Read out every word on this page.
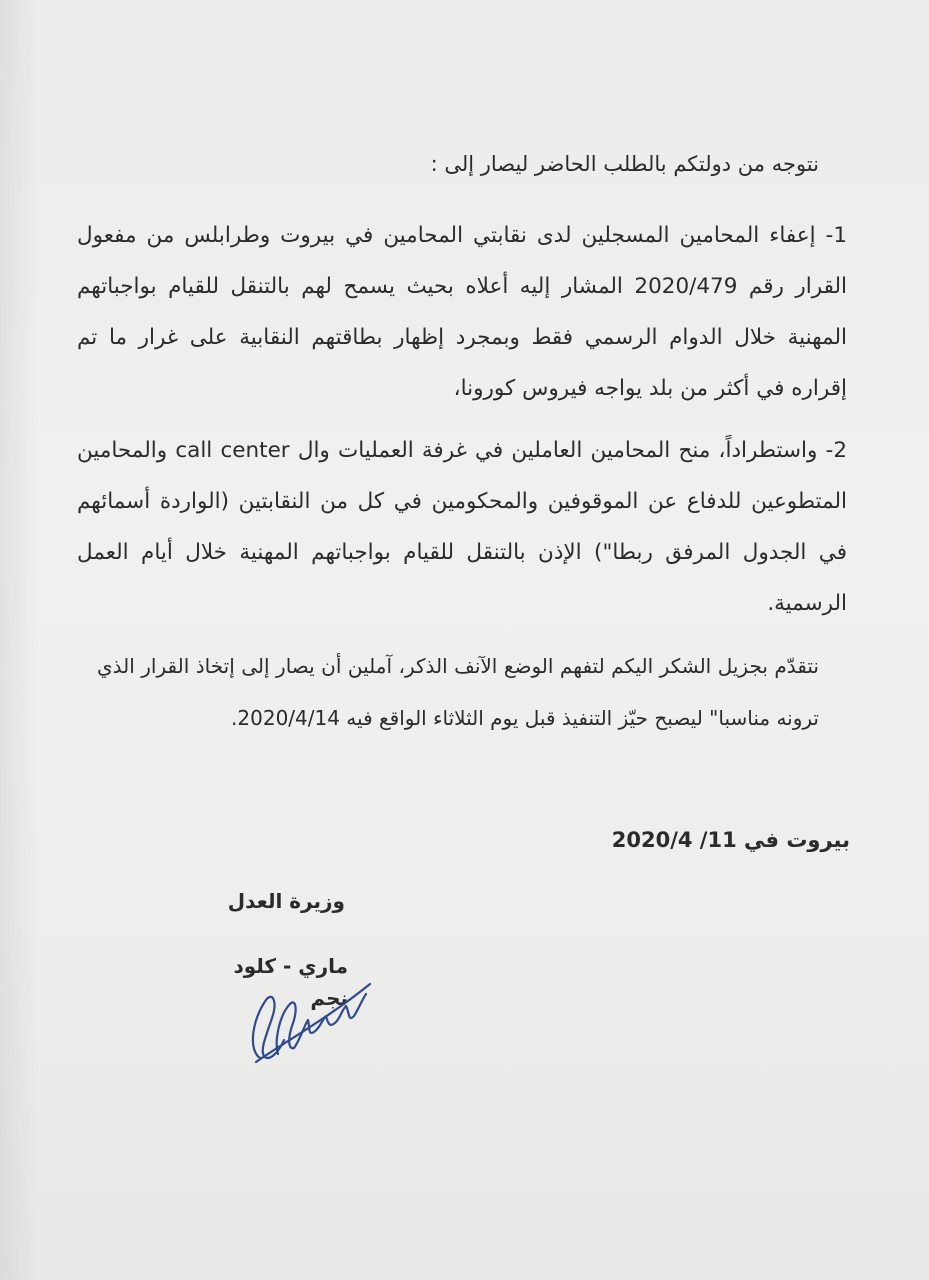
نتوجه من دولتكم بالطلب الحاضر ليصار إلى :
1- إعفاء المحامين المسجلين لدى نقابتي المحامين في بيروت وطرابلس من مفعول القرار رقم 2020/479 المشار إليه أعلاه بحيث يسمح لهم بالتنقل للقيام بواجباتهم المهنية خلال الدوام الرسمي فقط وبمجرد إظهار بطاقتهم النقابية على غرار ما تم إقراره في أكثر من بلد يواجه فيروس كورونا،
2- واستطراداً، منح المحامين العاملين في غرفة العمليات وال call center والمحامين المتطوعين للدفاع عن الموقوفين والمحكومين في كل من النقابتين (الواردة أسمائهم في الجدول المرفق ربطا") الإذن بالتنقل للقيام بواجباتهم المهنية خلال أيام العمل الرسمية.
نتقدّم بجزيل الشكر اليكم لتفهم الوضع الآنف الذكر، آملين أن يصار إلى إتخاذ القرار الذي ترونه مناسبا" ليصبح حيّز التنفيذ قبل يوم الثلاثاء الواقع فيه 2020/4/14.
بيروت في 11/ 2020/4
وزيرة العدل
ماري - كلود نجم
